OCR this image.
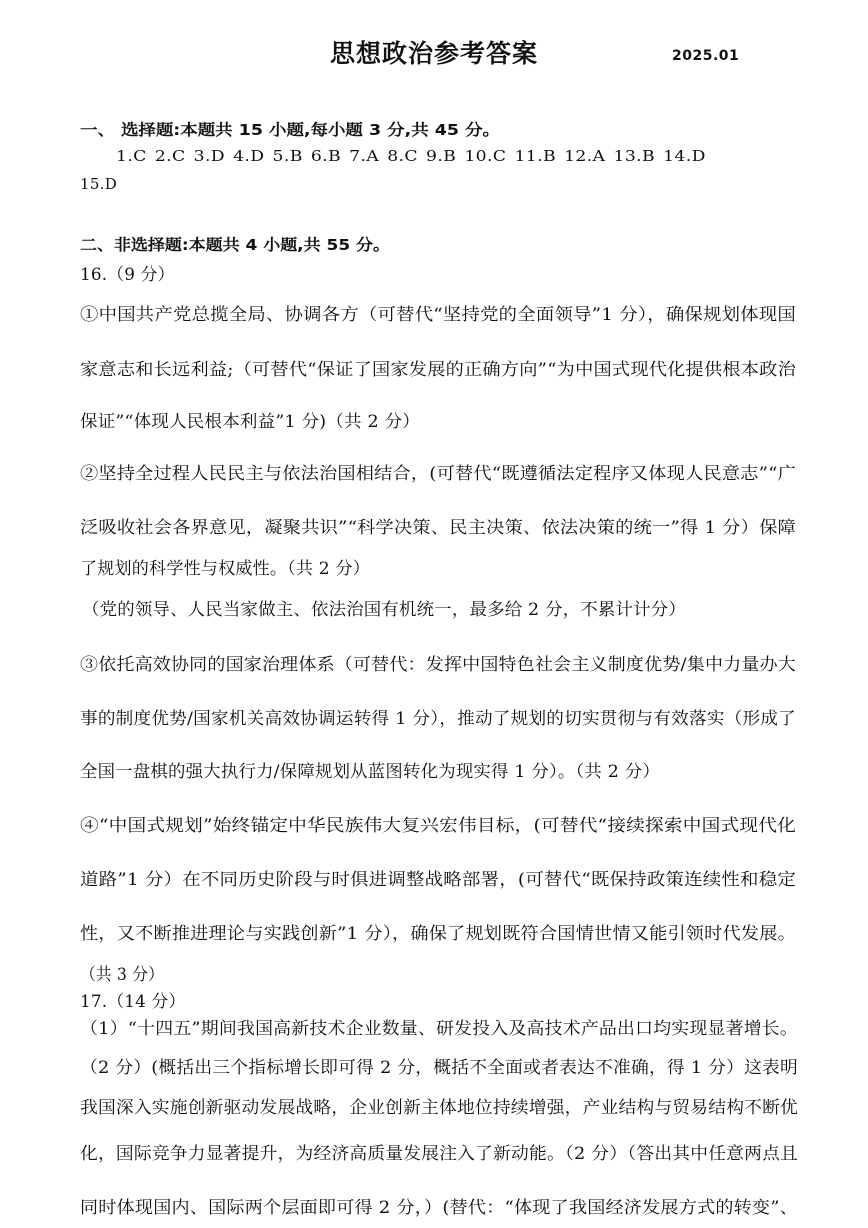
思想政治参考答案	2025.01
一、 选择题:本题共 15 小题,每小题 3 分,共 45 分。
1.C 2.C 3.D 4.D 5.B 6.B 7.A 8.C 9.B 10.C 11.B 12.A 13.B 14.D
15.D
二、非选择题:本题共 4 小题,共 55 分。
16.（9 分）
①中国共产党总揽全局、协调各方（可替代“坚持党的全面领导”1 分），确保规划体现国
家意志和长远利益;（可替代“保证了国家发展的正确方向”“为中国式现代化提供根本政治
保证”“体现人民根本利益”1 分)（共 2 分）
②坚持全过程人民民主与依法治国相结合，(可替代“既遵循法定程序又体现人民意志”“广
泛吸收社会各界意见，凝聚共识”“科学决策、民主决策、依法决策的统一”得 1 分）保障
了规划的科学性与权威性。（共 2 分）
（党的领导、人民当家做主、依法治国有机统一，最多给 2 分，不累计计分）
③依托高效协同的国家治理体系（可替代：发挥中国特色社会主义制度优势/集中力量办大
事的制度优势/国家机关高效协调运转得 1 分），推动了规划的切实贯彻与有效落实（形成了
全国一盘棋的强大执行力/保障规划从蓝图转化为现实得 1 分）。（共 2 分）
④“中国式规划”始终锚定中华民族伟大复兴宏伟目标，(可替代“接续探索中国式现代化
道路”1 分）在不同历史阶段与时俱进调整战略部署，(可替代“既保持政策连续性和稳定
性，又不断推进理论与实践创新”1 分），确保了规划既符合国情世情又能引领时代发展。
（共 3 分）
17.（14 分）
（1）“十四五”期间我国高新技术企业数量、研发投入及高技术产品出口均实现显著增长。
（2 分）(概括出三个指标增长即可得 2 分，概括不全面或者表达不准确，得 1 分）这表明
我国深入实施创新驱动发展战略，企业创新主体地位持续增强，产业结构与贸易结构不断优
化，国际竞争力显著提升，为经济高质量发展注入了新动能。（2 分）（答出其中任意两点且
同时体现国内、国际两个层面即可得 2 分，）(替代：“体现了我国经济发展方式的转变”、
